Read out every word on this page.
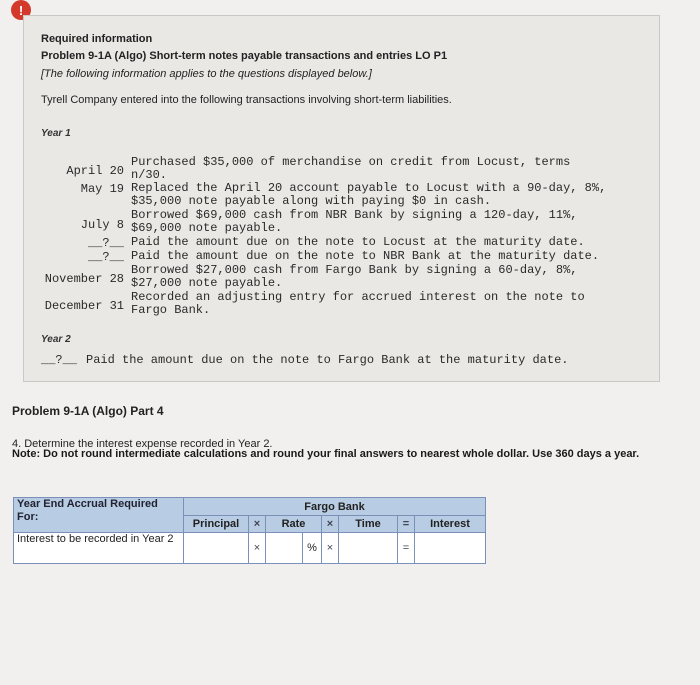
!
Required information
Problem 9-1A (Algo) Short-term notes payable transactions and entries LO P1
[The following information applies to the questions displayed below.]
Tyrell Company entered into the following transactions involving short-term liabilities.
Year 1
April 20
Purchased $35,000 of merchandise on credit from Locust, terms
n/30.
May 19 Replaced the April 20 account payable to Locust with a 90-day, 8%,
$35,000 note payable along with paying $0 in cash.
July 8
Borrowed $69,000 cash from NBR Bank by signing a 120-day, 11%,
$69,000 note payable.
__?__ Paid the amount due on the note to Locust at the maturity date.
__?__ Paid the amount due on the note to NBR Bank at the maturity date.
November 28
Borrowed $27,000 cash from Fargo Bank by signing a 60-day, 8%,
$27,000 note payable.
December 31
Recorded an adjusting entry for accrued interest on the note to
Fargo Bank.
Year 2
__?__ Paid the amount due on the note to Fargo Bank at the maturity date.
Problem 9-1A (Algo) Part 4
4. Determine the interest expense recorded in Year 2.
Note: Do not round intermediate calculations and round your final answers to nearest whole dollar. Use 360 days a year.
Year End Accrual Required For:	Fargo Bank							
	Principal	×	Rate		×	Time	=	Interest
Interest to be recorded in Year 2		×		%	×		=	
